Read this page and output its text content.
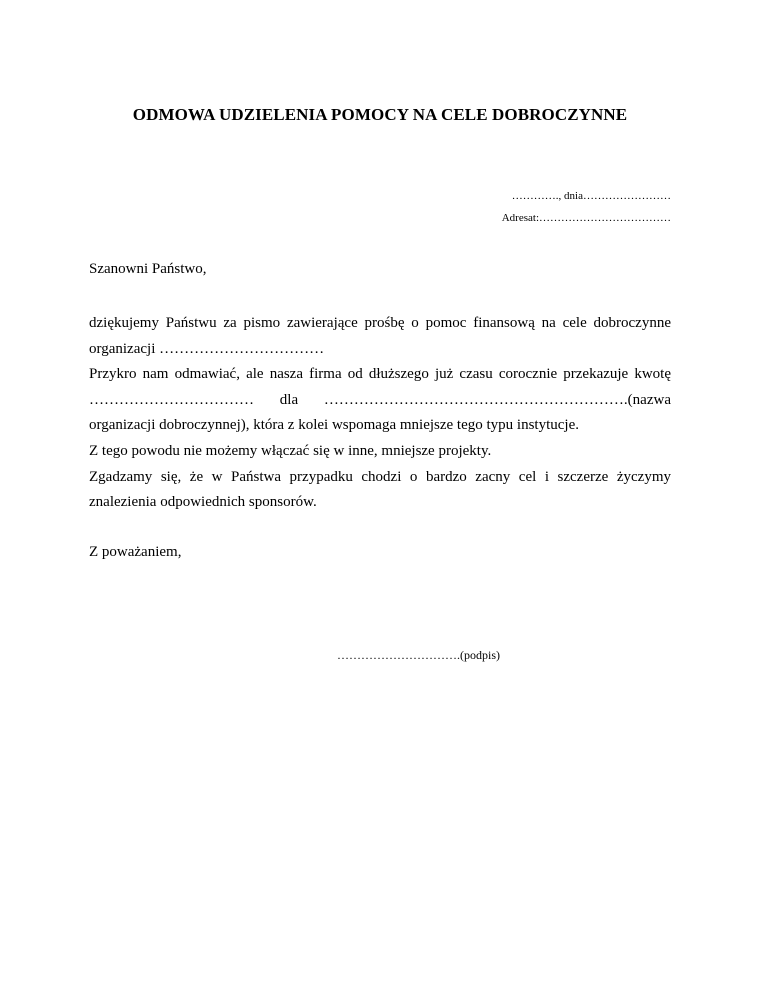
ODMOWA UDZIELENIA POMOCY NA CELE DOBROCZYNNE
…………., dnia……………………
Adresat:………………………………
Szanowni Państwo,

dziękujemy Państwu za pismo zawierające prośbę o pomoc finansową na cele dobroczynne organizacji ……………………………

Przykro nam odmawiać, ale nasza firma od dłuższego już czasu corocznie przekazuje kwotę …………………………… dla …………………………………………………….(nazwa organizacji dobroczynnej), która z kolei wspomaga mniejsze tego typu instytucje.

Z tego powodu nie możemy włączać się w inne, mniejsze projekty.

Zgadzamy się, że w Państwa przypadku chodzi o bardzo zacny cel i szczerze życzymy znalezienia odpowiednich sponsorów.

Z poważaniem,
………………………….(podpis)
